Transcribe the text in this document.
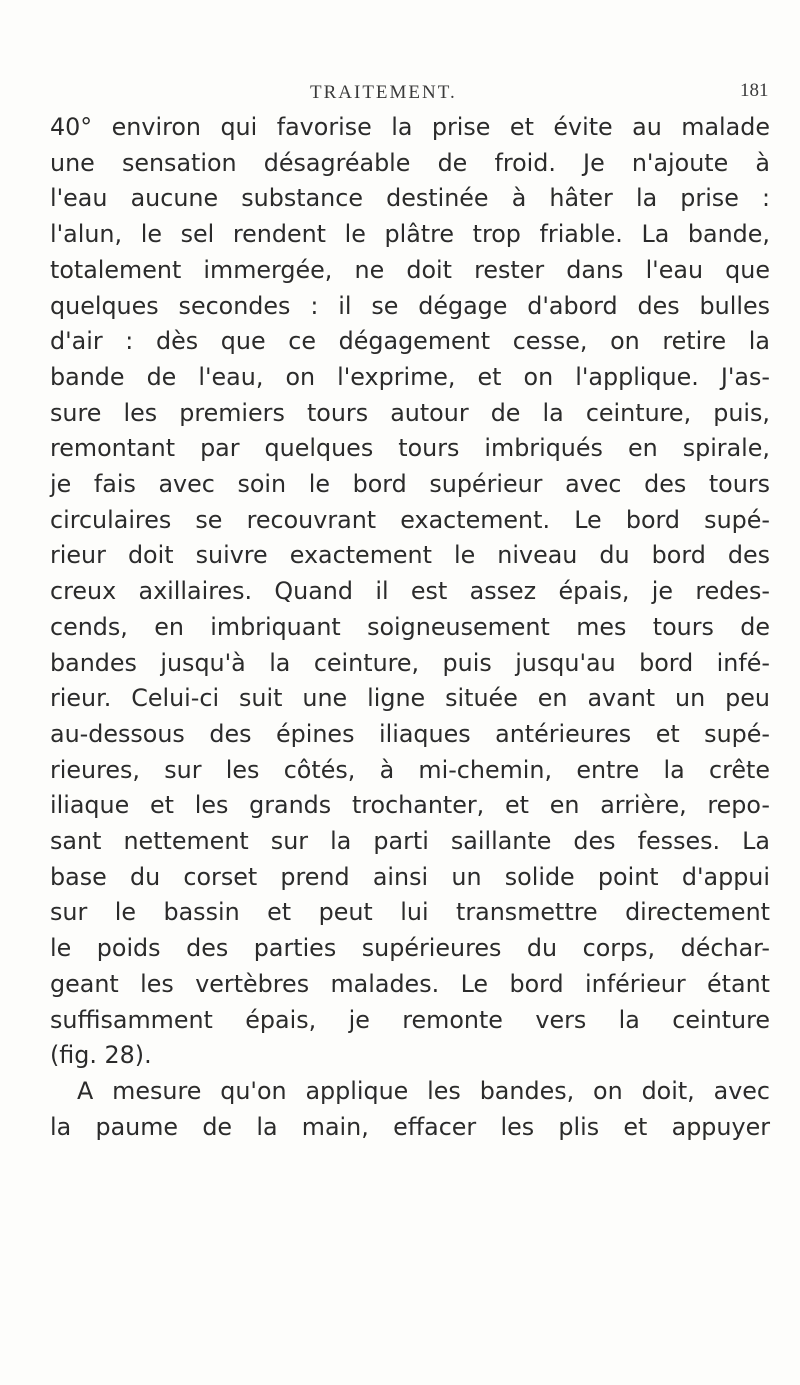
TRAITEMENT.	181

40° environ qui favorise la prise et évite au malade
une sensation désagréable de froid. Je n'ajoute à
l'eau aucune substance destinée à hâter la prise :
l'alun, le sel rendent le plâtre trop friable. La bande,
totalement immergée, ne doit rester dans l'eau que
quelques secondes : il se dégage d'abord des bulles
d'air : dès que ce dégagement cesse, on retire la
bande de l'eau, on l'exprime, et on l'applique. J'as-
sure les premiers tours autour de la ceinture, puis,
remontant par quelques tours imbriqués en spirale,
je fais avec soin le bord supérieur avec des tours
circulaires se recouvrant exactement. Le bord supé-
rieur doit suivre exactement le niveau du bord des
creux axillaires. Quand il est assez épais, je redes-
cends, en imbriquant soigneusement mes tours de
bandes jusqu'à la ceinture, puis jusqu'au bord infé-
rieur. Celui-ci suit une ligne située en avant un peu
au-dessous des épines iliaques antérieures et supé-
rieures, sur les côtés, à mi-chemin, entre la crête
iliaque et les grands trochanter, et en arrière, repo-
sant nettement sur la parti saillante des fesses. La
base du corset prend ainsi un solide point d'appui
sur le bassin et peut lui transmettre directement
le poids des parties supérieures du corps, déchar-
geant les vertèbres malades. Le bord inférieur étant
suffisamment épais, je remonte vers la ceinture
(fig. 28).

A mesure qu'on applique les bandes, on doit, avec
la paume de la main, effacer les plis et appuyer
